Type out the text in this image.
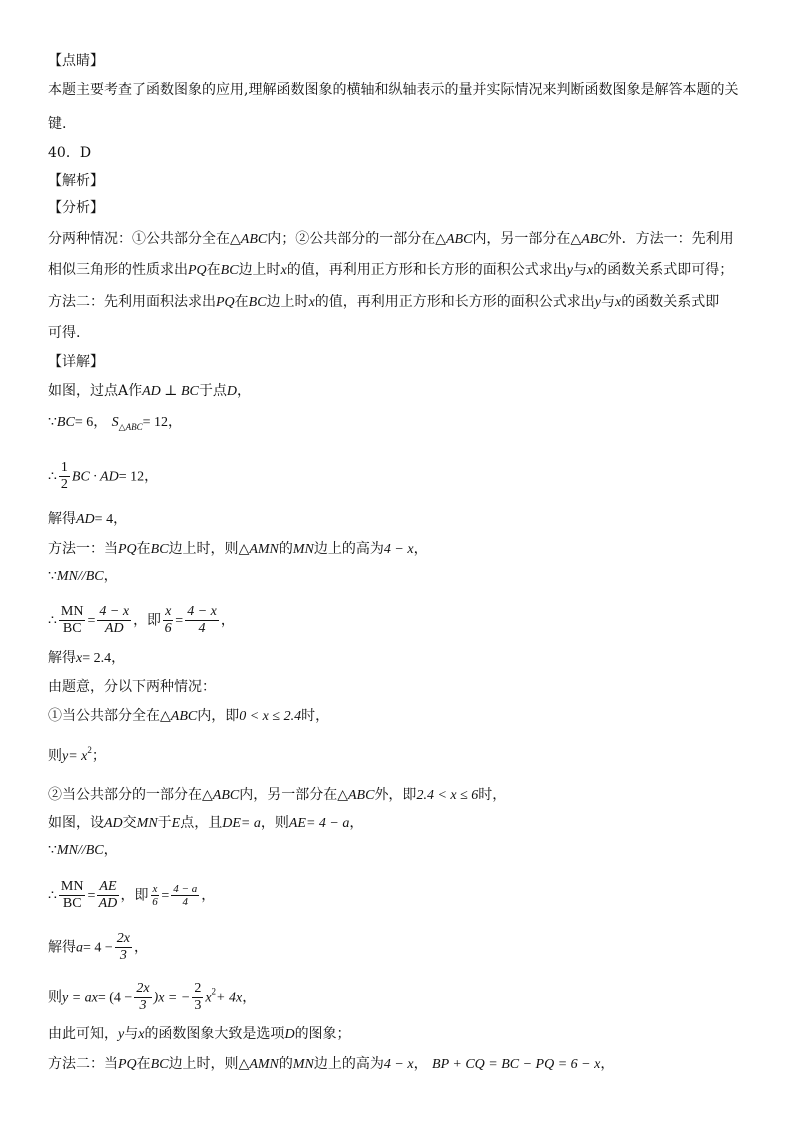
【点睛】
本题主要考查了函数图象的应用,理解函数图象的横轴和纵轴表示的量并实际情况来判断函数图象是解答本题的关
键.
40．D
【解析】
【分析】
分两种情况：①公共部分全在△ABC内；②公共部分的一部分在△ABC内，另一部分在△ABC外．方法一：先利用
相似三角形的性质求出PQ在BC边上时x的值，再利用正方形和长方形的面积公式求出y与x的函数关系式即可得；
方法二：先利用面积法求出PQ在BC边上时x的值，再利用正方形和长方形的面积公式求出y与x的函数关系式即
可得.
【详解】
如图，过点A作AD ⊥ BC于点D，
∵BC= 6， $S_{\triangle ABC}= 12$，
∴ $\frac{1}{2}$ BC · AD= 12，
解得AD= 4，
方法一：当PQ在BC边上时，则△AMN的MN边上的高为4 − x，
∵MN//BC，
∴ $\frac{MN}{BC} = \frac{4 - x}{AD}$ ，即 $\frac{x}{6} = \frac{4 - x}{4}$ ，
解得x= 2.4，
由题意，分以下两种情况：
①当公共部分全在△ABC内，即0 < x ≤ 2.4时，
则$y= x^2$；
②当公共部分的一部分在△ABC内，另一部分在△ABC外，即2.4 < x ≤ 6时，
如图，设AD交MN于E点，且DE= a，则AE= 4 − a，
∵MN//BC，
∴ $\frac{MN}{BC} = \frac{AE}{AD}$ ，即 $\frac{x}{6} = \frac{4 - a}{4}$ ，
解得$a= 4 - \frac{2x}{3}$ ，
则$y = ax= (4 - \frac{2x}{3} )x$ = − $\frac{2}{3} x^2+ 4x$，
由此可知，y与x的函数图象大致是选项D的图象；
方法二：当PQ在BC边上时，则△AMN的MN边上的高为4 − x， BP + CQ = BC − PQ = 6 − x，
